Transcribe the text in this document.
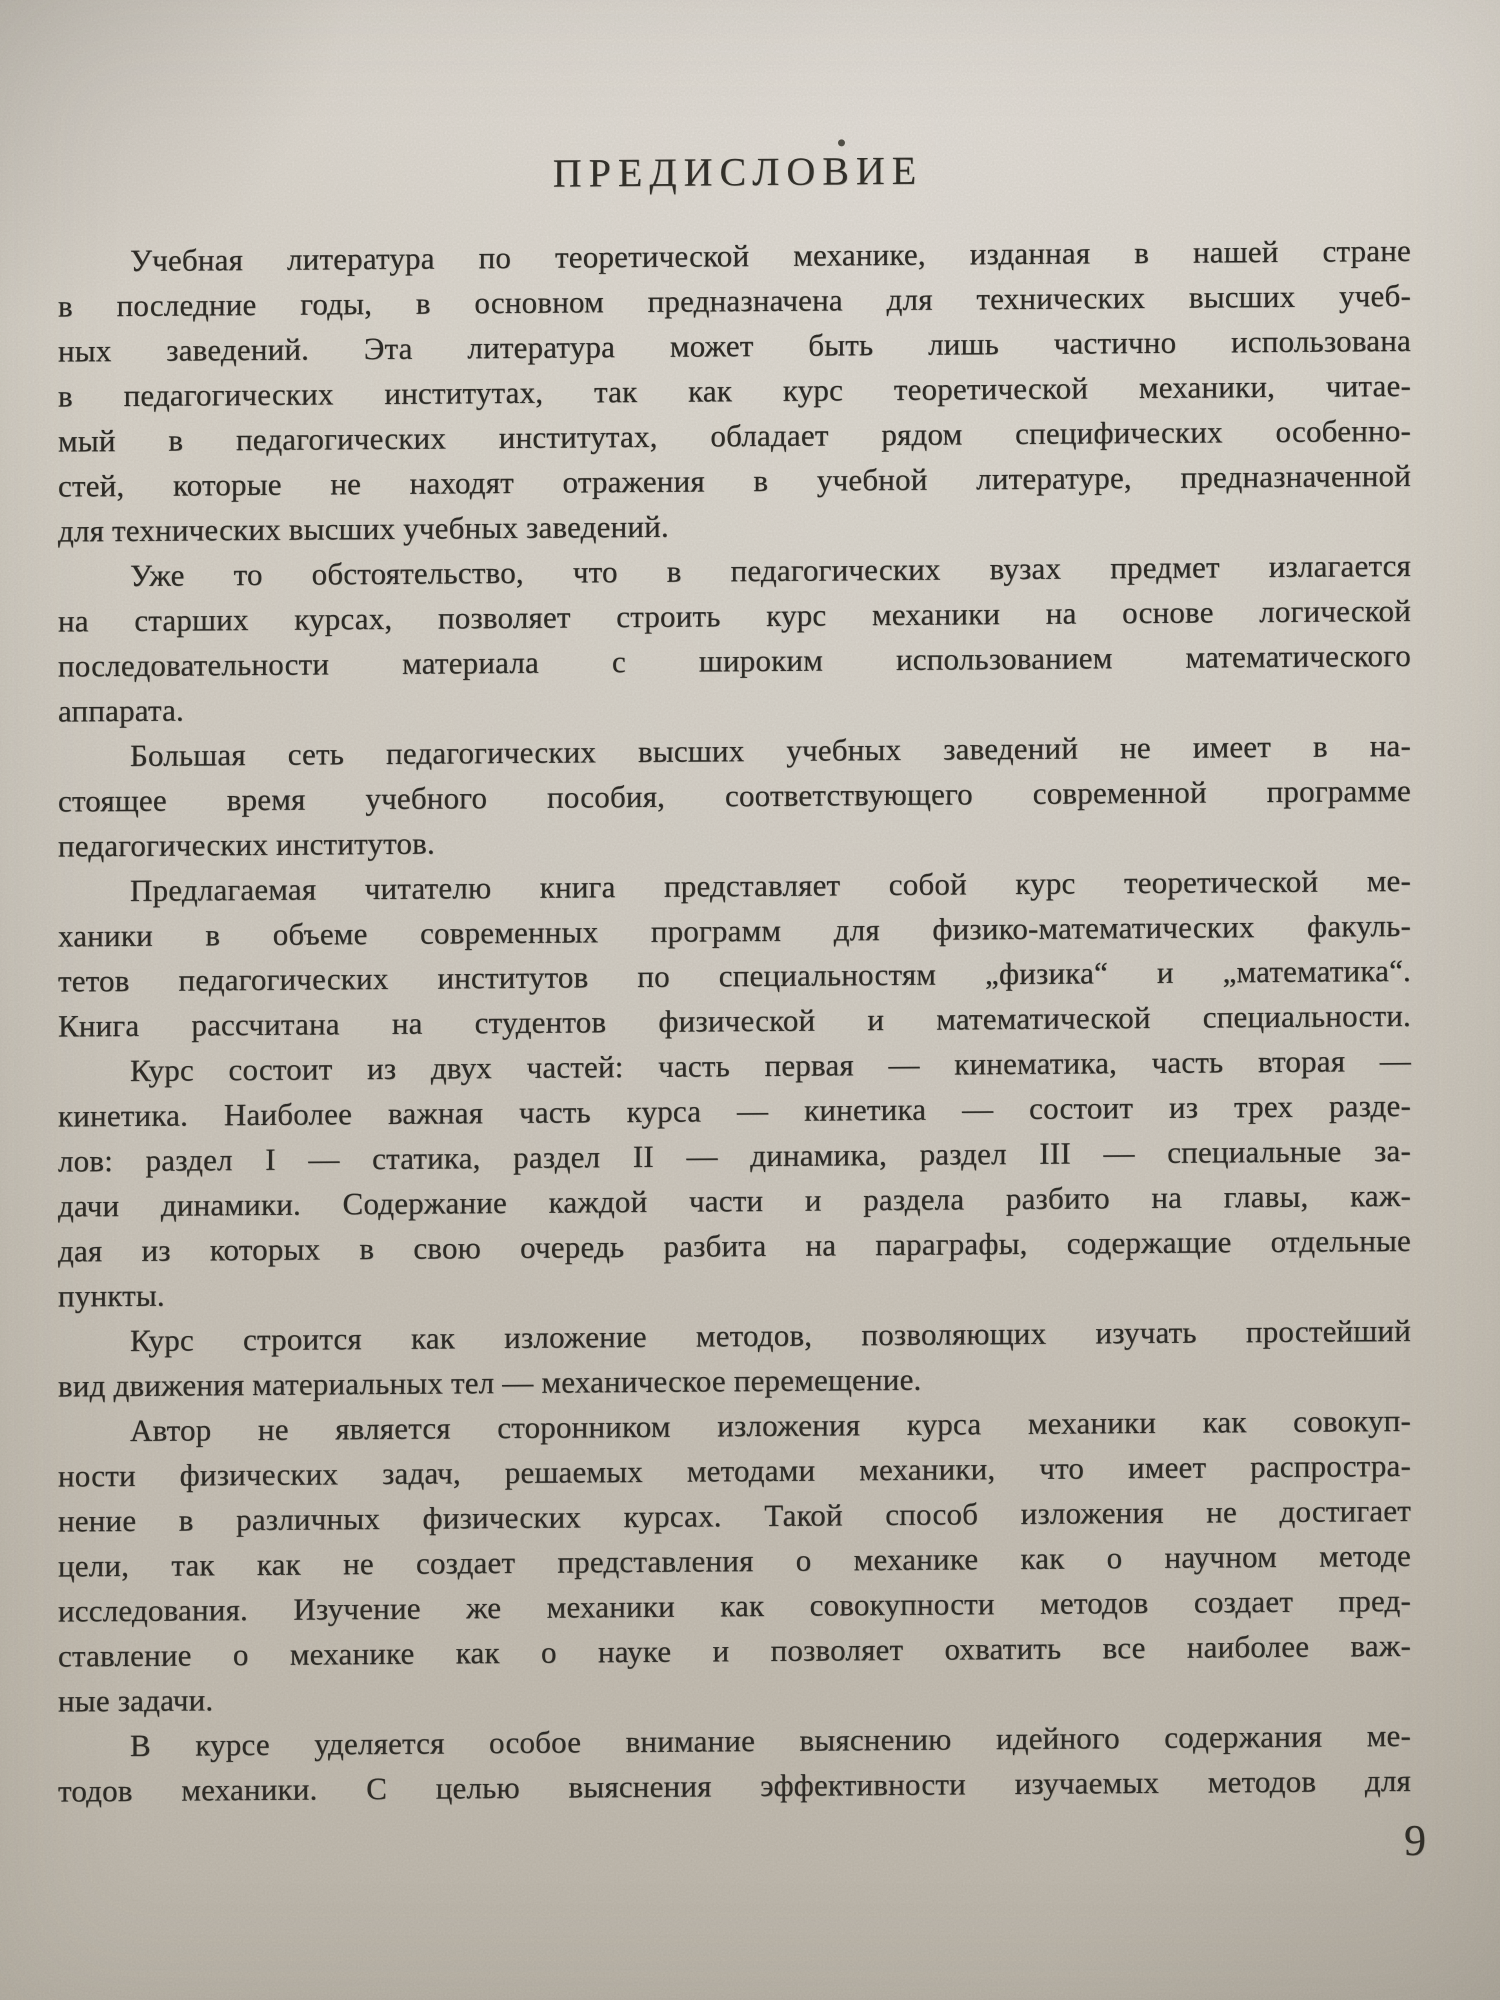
ПРЕДИСЛОВИЕ
Учебная литература по теоретической механике, изданная в нашей стране
в последние годы, в основном предназначена для технических высших учеб-
ных заведений. Эта литература может быть лишь частично использована
в педагогических институтах, так как курс теоретической механики, читае-
мый в педагогических институтах, обладает рядом специфических особенно-
стей, которые не находят отражения в учебной литературе, предназначенной
для технических высших учебных заведений.
Уже то обстоятельство, что в педагогических вузах предмет излагается
на старших курсах, позволяет строить курс механики на основе логической
последовательности материала с широким использованием математического
аппарата.
Большая сеть педагогических высших учебных заведений не имеет в на-
стоящее время учебного пособия, соответствующего современной программе
педагогических институтов.
Предлагаемая читателю книга представляет собой курс теоретической ме-
ханики в объеме современных программ для физико-математических факуль-
тетов педагогических институтов по специальностям „физика“ и „математика“.
Книга рассчитана на студентов физической и математической специальности.
Курс состоит из двух частей: часть первая — кинематика, часть вторая —
кинетика. Наиболее важная часть курса — кинетика — состоит из трех разде-
лов: раздел I — статика, раздел II — динамика, раздел III — специальные за-
дачи динамики. Содержание каждой части и раздела разбито на главы, каж-
дая из которых в свою очередь разбита на параграфы, содержащие отдельные
пункты.
Курс строится как изложение методов, позволяющих изучать простейший
вид движения материальных тел — механическое перемещение.
Автор не является сторонником изложения курса механики как совокуп-
ности физических задач, решаемых методами механики, что имеет распростра-
нение в различных физических курсах. Такой способ изложения не достигает
цели, так как не создает представления о механике как о научном методе
исследования. Изучение же механики как совокупности методов создает пред-
ставление о механике как о науке и позволяет охватить все наиболее важ-
ные задачи.
В курсе уделяется особое внимание выяснению идейного содержания ме-
тодов механики. С целью выяснения эффективности изучаемых методов для
9
